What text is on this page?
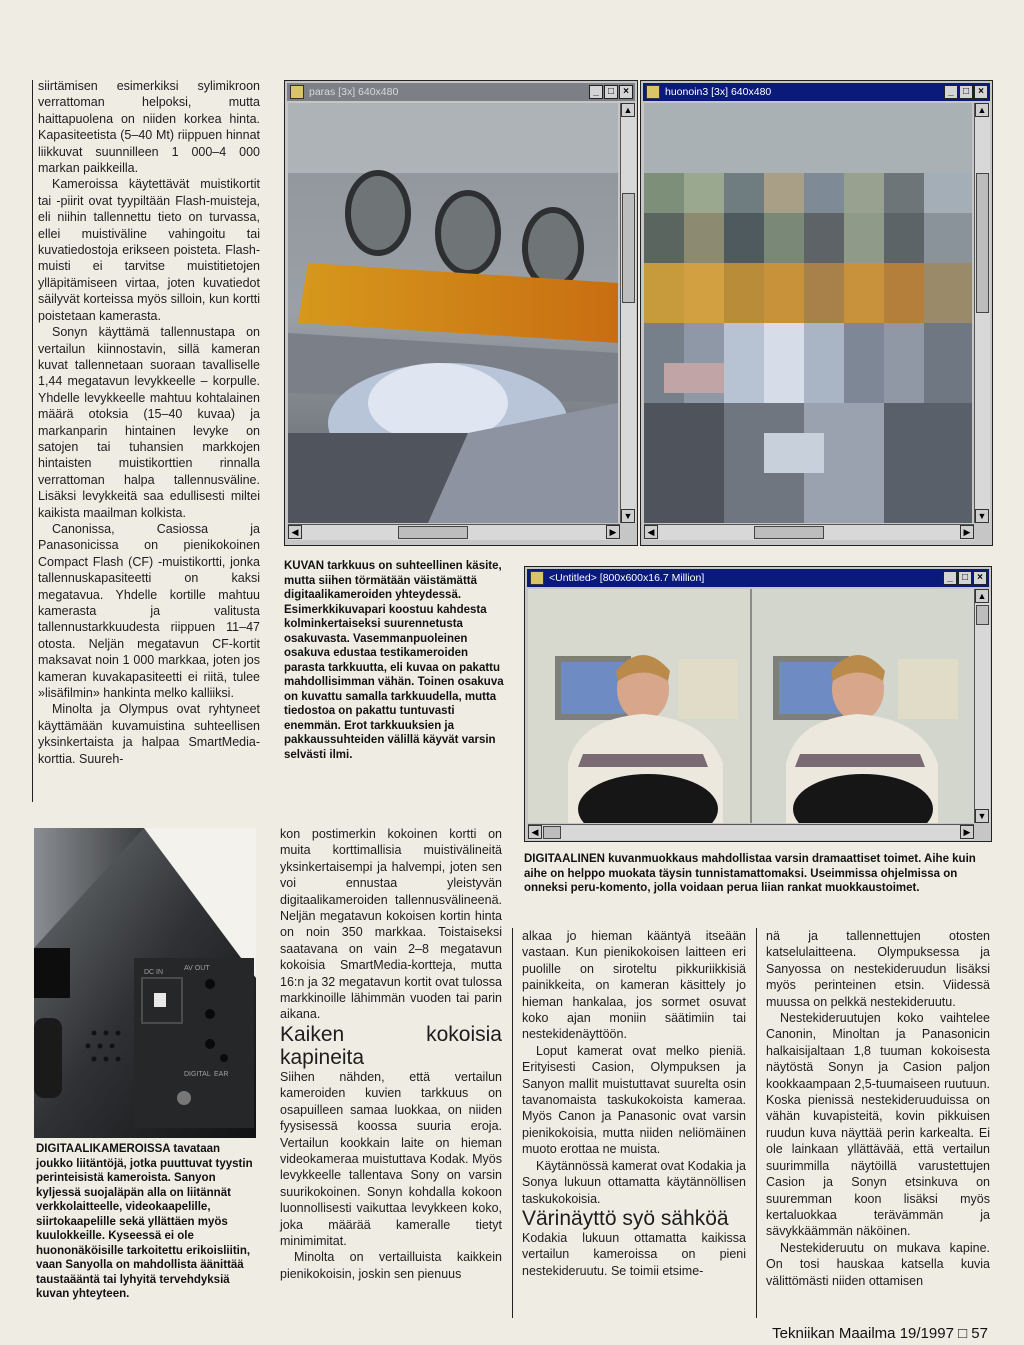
siirtämisen esimerkiksi sylimikroon verrattoman helpoksi, mutta haittapuolena on niiden korkea hinta. Kapasiteetista (5–40 Mt) riippuen hinnat liikkuvat suunnilleen 1 000–4 000 markan paikkeilla.

Kameroissa käytettävät muistikortit tai -piirit ovat tyypiltään Flash-muisteja, eli niihin tallennettu tieto on turvassa, ellei muistiväline vahingoitu tai kuvatiedostoja erikseen poisteta. Flash-muisti ei tarvitse muistitietojen ylläpitämiseen virtaa, joten kuvatiedot säilyvät korteissa myös silloin, kun kortti poistetaan kamerasta.

Sonyn käyttämä tallennustapa on vertailun kiinnostavin, sillä kameran kuvat tallennetaan suoraan tavalliselle 1,44 megatavun levykkeelle – korpulle. Yhdelle levykkeelle mahtuu kohtalainen määrä otoksia (15–40 kuvaa) ja markanparin hintainen levyke on satojen tai tuhansien markkojen hintaisten muistikorttien rinnalla verrattoman halpa tallennusväline. Lisäksi levykkeitä saa edullisesti miltei kaikista maailman kolkista.

Canonissa, Casiossa ja Panasonicissa on pienikokoinen Compact Flash (CF) -muistikortti, jonka tallennuskapasiteetti on kaksi megatavua. Yhdelle kortille mahtuu kamerasta ja valitusta tallennustarkkuudesta riippuen 11–47 otosta. Neljän megatavun CF-kortit maksavat noin 1 000 markkaa, joten jos kameran kuvakapasiteetti ei riitä, tulee »lisäfilmin» hankinta melko kalliiksi.

Minolta ja Olympus ovat ryhtyneet käyttämään kuvamuistina suhteellisen yksinkertaista ja halpaa SmartMedia-korttia. Suureh-

paras [3x] 640x480	_ □ ×
▲
▼
◀	▶
huonoin3 [3x] 640x480	_ □ ×
▲
▼
◀	▶
KUVAN tarkkuus on suhteellinen käsite, mutta siihen törmätään väistämättä digitaalikameroiden yhteydessä. Esimerkkikuvapari koostuu kahdesta kolminkertaiseksi suurennetusta osakuvasta. Vasemmanpuoleinen osakuva edustaa testikameroiden parasta tarkkuutta, eli kuvaa on pakattu mahdollisimman vähän. Toinen osakuva on kuvattu samalla tarkkuudella, mutta tiedostoa on pakattu tuntuvasti enemmän. Erot tarkkuuksien ja pakkaussuhteiden välillä käyvät varsin selvästi ilmi.
<Untitled> [800x600x16.7 Million]	_ □ ×
▲
▼
◀	▶
DIGITAALINEN kuvanmuokkaus mahdollistaa varsin dramaattiset toimet. Aihe kuin aihe on helppo muokata täysin tunnistamattomaksi. Useimmissa ohjelmissa on onneksi peru-komento, jolla voidaan perua liian rankat muokkaustoimet.
DC IN
AV OUT
DIGITAL EAR
DIGITAALIKAMEROISSA tavataan joukko liitäntöjä, jotka puuttuvat tyystin perinteisistä kameroista. Sanyon kyljessä suojaläpän alla on liitännät verkkolaitteelle, videokaapelille, siirtokaapelille sekä yllättäen myös kuulokkeille. Kyseessä ei ole huononäköisille tarkoitettu erikoisliitin, vaan Sanyolla on mahdollista äänittää taustaääntä tai lyhyitä tervehdyksiä kuvan yhteyteen.

kon postimerkin kokoinen kortti on muita korttimallisia muistivälineitä yksinkertaisempi ja halvempi, joten sen voi ennustaa yleistyvän digitaalikameroiden tallennusvälineenä. Neljän megatavun kokoisen kortin hinta on noin 350 markkaa. Toistaiseksi saatavana on vain 2–8 megatavun kokoisia SmartMedia-kortteja, mutta 16:n ja 32 megatavun kortit ovat tulossa markkinoille lähimmän vuoden tai parin aikana.

Kaiken kokoisia kapineita

Siihen nähden, että vertailun kameroiden kuvien tarkkuus on osapuilleen samaa luokkaa, on niiden fyysisessä koossa suuria eroja. Vertailun kookkain laite on hieman videokameraa muistuttava Kodak. Myös levykkeelle tallentava Sony on varsin suurikokoinen. Sonyn kohdalla kokoon luonnollisesti vaikuttaa levykkeen koko, joka määrää kameralle tietyt minimimitat.

Minolta on vertailluista kaikkein pienikokoisin, joskin sen pienuus

alkaa jo hieman kääntyä itseään vastaan. Kun pienikokoisen laitteen eri puolille on siroteltu pikkuriikkisiä painikkeita, on kameran käsittely jo hieman hankalaa, jos sormet osuvat koko ajan moniin säätimiin tai nestekidenäyttöön.

Loput kamerat ovat melko pieniä. Erityisesti Casion, Olympuksen ja Sanyon mallit muistuttavat suurelta osin tavanomaista taskukokoista kameraa. Myös Canon ja Panasonic ovat varsin pienikokoisia, mutta niiden neliömäinen muoto erottaa ne muista.

Käytännössä kamerat ovat Kodakia ja Sonya lukuun ottamatta käytännöllisen taskukokoisia.

Värinäyttö syö sähköä

Kodakia lukuun ottamatta kaikissa vertailun kameroissa on pieni nestekideruutu. Se toimii etsime-

nä ja tallennettujen otosten katselulaitteena. Olympuksessa ja Sanyossa on nestekideruudun lisäksi myös perinteinen etsin. Viidessä muussa on pelkkä nestekideruutu.

Nestekideruutujen koko vaihtelee Canonin, Minoltan ja Panasonicin halkaisijaltaan 1,8 tuuman kokoisesta näytöstä Sonyn ja Casion paljon kookkaampaan 2,5-tuumaiseen ruutuun. Koska pienissä nestekideruuduissa on vähän kuvapisteitä, kovin pikkuisen ruudun kuva näyttää perin karkealta. Ei ole lainkaan yllättävää, että vertailun suurimmilla näytöillä varustettujen Casion ja Sonyn etsinkuva on suuremman koon lisäksi myös kertaluokkaa terävämmän ja sävykkäämmän näköinen.

Nestekideruutu on mukava kapine. On tosi hauskaa katsella kuvia välittömästi niiden ottamisen

Tekniikan Maailma 19/1997 □ 57
